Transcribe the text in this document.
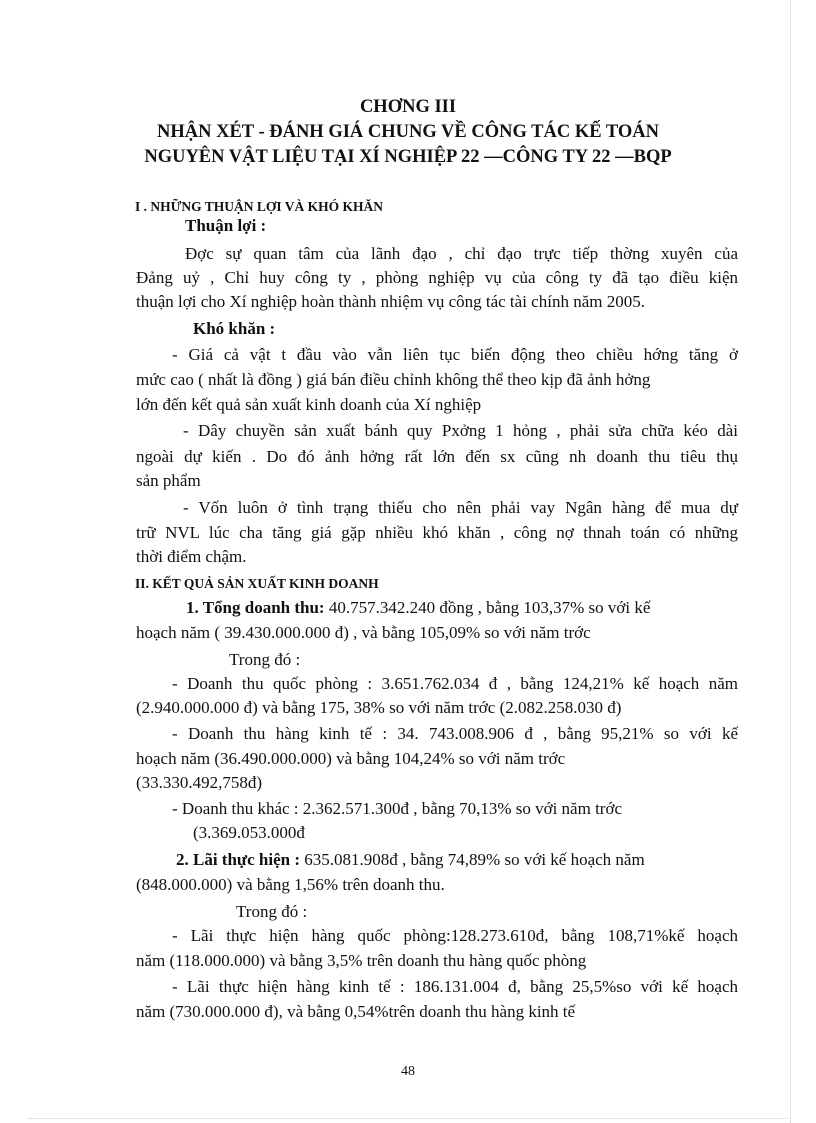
CHƠNG III
NHẬN XÉT - ĐÁNH GIÁ CHUNG VỀ CÔNG TÁC KẾ TOÁN
NGUYÊN VẬT LIỆU TẠI XÍ NGHIỆP 22 —CÔNG TY 22 —BQP
I . NHỮNG THUẬN LỢI VÀ KHÓ KHĂN
Thuận lợi :
Đợc sự quan tâm của lãnh đạo , chỉ đạo trực tiếp thờng xuyên của
Đảng uỷ , Chỉ huy công ty , phòng nghiệp vụ của công ty đã tạo điều kiện
thuận lợi cho Xí nghiệp hoàn thành nhiệm vụ công tác tài chính năm 2005.
Khó khăn :
- Giá cả vật t đầu vào vẫn liên tục biến động theo chiều hớng tăng ở
mức cao ( nhất là đồng ) giá bán điều chỉnh không thể theo kịp đã ảnh hởng
lớn đến kết quả sản xuất kinh doanh của Xí nghiệp
- Dây chuyền sản xuất bánh quy Pxởng 1 hỏng , phải sửa chữa kéo dài
ngoài dự kiến . Do đó ảnh hởng rất lớn đến sx cũng nh doanh thu tiêu thụ
sản phẩm
- Vốn luôn ở tình trạng thiếu cho nên phải vay Ngân hàng để mua dự
trữ NVL lúc cha tăng giá gặp nhiều khó khăn , công nợ thnah toán có những
thời điểm chậm.
II. KẾT QUẢ SẢN XUẤT KINH DOANH
1. Tổng doanh thu: 40.757.342.240 đồng , bằng 103,37% so với kế
hoạch năm ( 39.430.000.000 đ) , và bằng 105,09% so với năm trớc
Trong đó :
- Doanh thu quốc phòng : 3.651.762.034 đ , bằng 124,21% kế hoạch năm
(2.940.000.000 đ) và bằng 175, 38% so với năm trớc (2.082.258.030 đ)
- Doanh thu hàng kinh tế : 34. 743.008.906 đ , bằng 95,21% so với kế
hoạch năm (36.490.000.000) và bằng 104,24% so với năm trớc
(33.330.492,758đ)
- Doanh thu khác : 2.362.571.300đ , bằng 70,13% so với năm trớc
(3.369.053.000đ
2. Lãi thực hiện : 635.081.908đ , bằng 74,89% so với kế hoạch năm
(848.000.000) và bằng 1,56% trên doanh thu.
Trong đó :
- Lãi thực hiện hàng quốc phòng:128.273.610đ, bằng 108,71%kế hoạch
năm (118.000.000) và bằng 3,5% trên doanh thu hàng quốc phòng
- Lãi thực hiện hàng kinh tế : 186.131.004 đ, bằng 25,5%so với kế hoạch
năm (730.000.000 đ), và bằng 0,54%trên doanh thu hàng kinh tế
48
